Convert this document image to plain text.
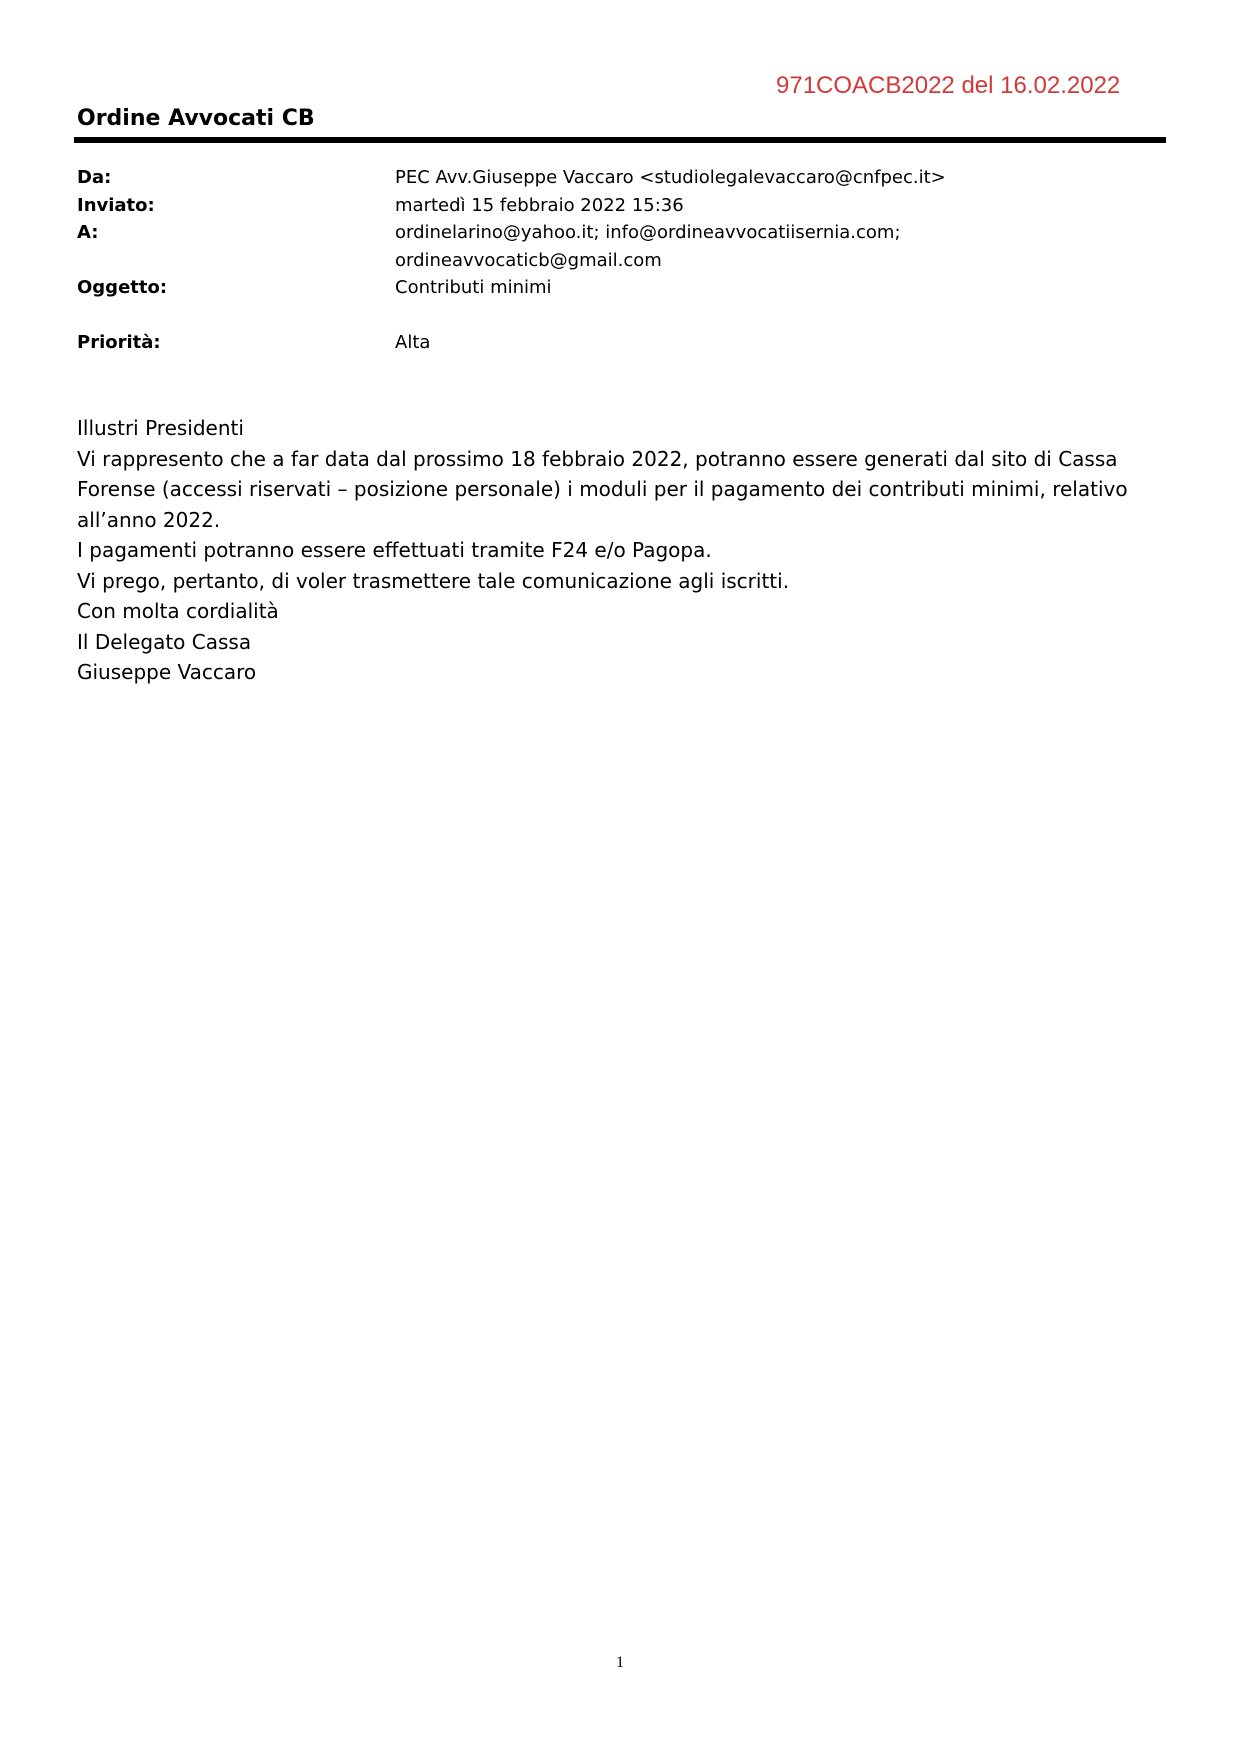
971COACB2022 del 16.02.2022
Ordine Avvocati CB
Da:	PEC Avv.Giuseppe Vaccaro <studiolegalevaccaro@cnfpec.it>
Inviato:	martedì 15 febbraio 2022 15:36
A:	ordinelarino@yahoo.it; info@ordineavvocatiisernia.com;
ordineavvocaticb@gmail.com
Oggetto:	Contributi minimi
Priorità:	Alta
Illustri Presidenti
Vi rappresento che a far data dal prossimo 18 febbraio 2022, potranno essere generati dal sito di Cassa
Forense (accessi riservati – posizione personale) i moduli per il pagamento dei contributi minimi, relativo
all’anno 2022.
I pagamenti potranno essere effettuati tramite F24 e/o Pagopa.
Vi prego, pertanto, di voler trasmettere tale comunicazione agli iscritti.
Con molta cordialità
Il Delegato Cassa
Giuseppe Vaccaro
1
